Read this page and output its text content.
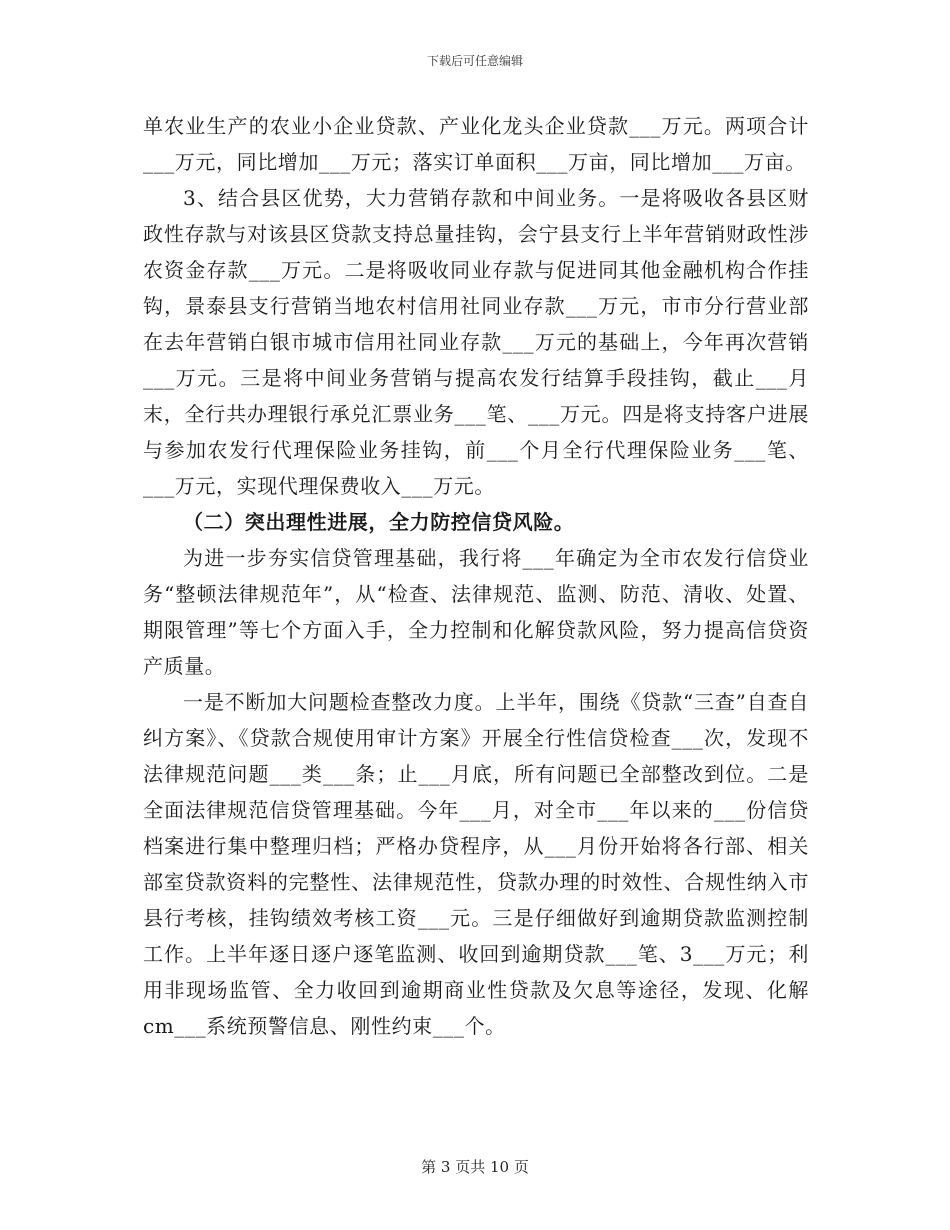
下载后可任意编辑

单农业生产的农业小企业贷款、产业化龙头企业贷款___万元。两项合计___万元，同比增加___万元；落实订单面积___万亩，同比增加___万亩。

3、结合县区优势，大力营销存款和中间业务。一是将吸收各县区财政性存款与对该县区贷款支持总量挂钩，会宁县支行上半年营销财政性涉农资金存款___万元。二是将吸收同业存款与促进同其他金融机构合作挂钩，景泰县支行营销当地农村信用社同业存款___万元，市市分行营业部在去年营销白银市城市信用社同业存款___万元的基础上，今年再次营销___万元。三是将中间业务营销与提高农发行结算手段挂钩，截止___月末，全行共办理银行承兑汇票业务___笔、___万元。四是将支持客户进展与参加农发行代理保险业务挂钩，前___个月全行代理保险业务___笔、___万元，实现代理保费收入___万元。

（二）突出理性进展，全力防控信贷风险。

为进一步夯实信贷管理基础，我行将___年确定为全市农发行信贷业务“整顿法律规范年”，从“检查、法律规范、监测、防范、清收、处置、期限管理”等七个方面入手，全力控制和化解贷款风险，努力提高信贷资产质量。

一是不断加大问题检查整改力度。上半年，围绕《贷款“三查”自查自纠方案》、《贷款合规使用审计方案》开展全行性信贷检查___次，发现不法律规范问题___类___条；止___月底，所有问题已全部整改到位。二是全面法律规范信贷管理基础。今年___月，对全市___年以来的___份信贷档案进行集中整理归档；严格办贷程序，从___月份开始将各行部、相关部室贷款资料的完整性、法律规范性，贷款办理的时效性、合规性纳入市县行考核，挂钩绩效考核工资___元。三是仔细做好到逾期贷款监测控制工作。上半年逐日逐户逐笔监测、收回到逾期贷款___笔、3___万元；利用非现场监管、全力收回到逾期商业性贷款及欠息等途径，发现、化解cm___系统预警信息、刚性约束___个。

第 3 页共 10 页
